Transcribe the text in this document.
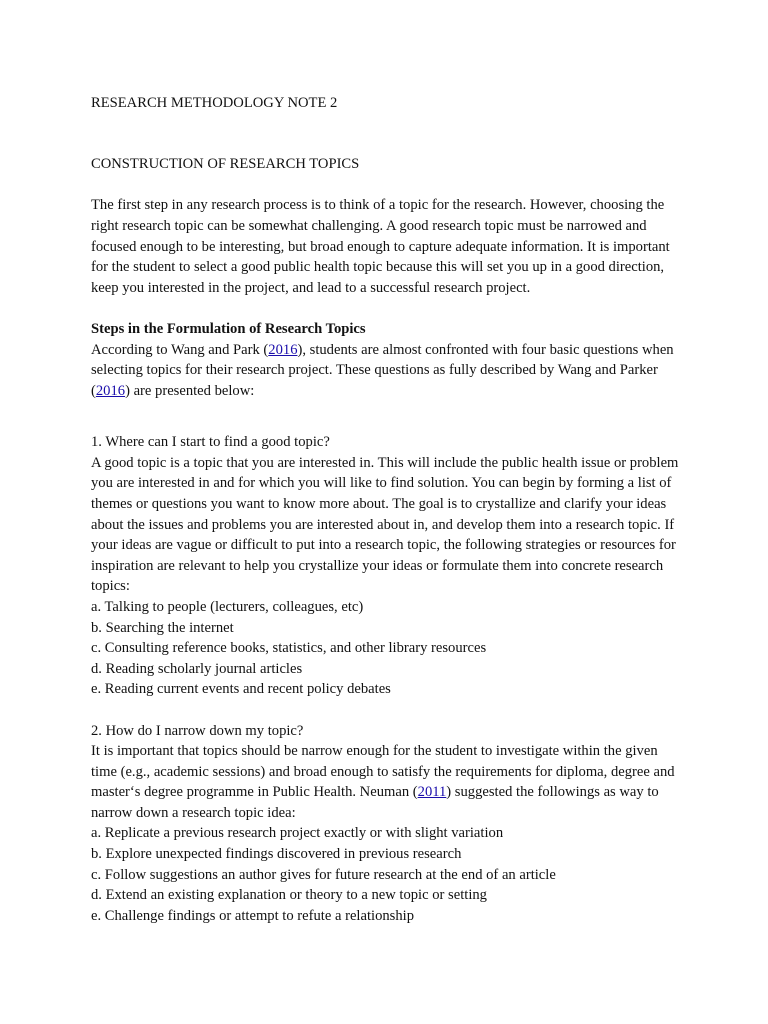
RESEARCH METHODOLOGY NOTE 2

CONSTRUCTION OF RESEARCH TOPICS

The first step in any research process is to think of a topic for the research. However, choosing the right research topic can be somewhat challenging. A good research topic must be narrowed and focused enough to be interesting, but broad enough to capture adequate information. It is important for the student to select a good public health topic because this will set you up in a good direction, keep you interested in the project, and lead to a successful research project.

Steps in the Formulation of Research Topics

According to Wang and Park (2016), students are almost confronted with four basic questions when selecting topics for their research project. These questions as fully described by Wang and Parker (2016) are presented below:

1. Where can I start to find a good topic?

A good topic is a topic that you are interested in. This will include the public health issue or problem you are interested in and for which you will like to find solution. You can begin by forming a list of themes or questions you want to know more about. The goal is to crystallize and clarify your ideas about the issues and problems you are interested about in, and develop them into a research topic. If your ideas are vague or difficult to put into a research topic, the following strategies or resources for inspiration are relevant to help you crystallize your ideas or formulate them into concrete research topics:

a. Talking to people (lecturers, colleagues, etc)

b. Searching the internet

c. Consulting reference books, statistics, and other library resources

d. Reading scholarly journal articles

e. Reading current events and recent policy debates

2. How do I narrow down my topic?

It is important that topics should be narrow enough for the student to investigate within the given time (e.g., academic sessions) and broad enough to satisfy the requirements for diploma, degree and master‘s degree programme in Public Health. Neuman (2011) suggested the followings as way to narrow down a research topic idea:

a. Replicate a previous research project exactly or with slight variation

b. Explore unexpected findings discovered in previous research

c. Follow suggestions an author gives for future research at the end of an article

d. Extend an existing explanation or theory to a new topic or setting

e. Challenge findings or attempt to refute a relationship
